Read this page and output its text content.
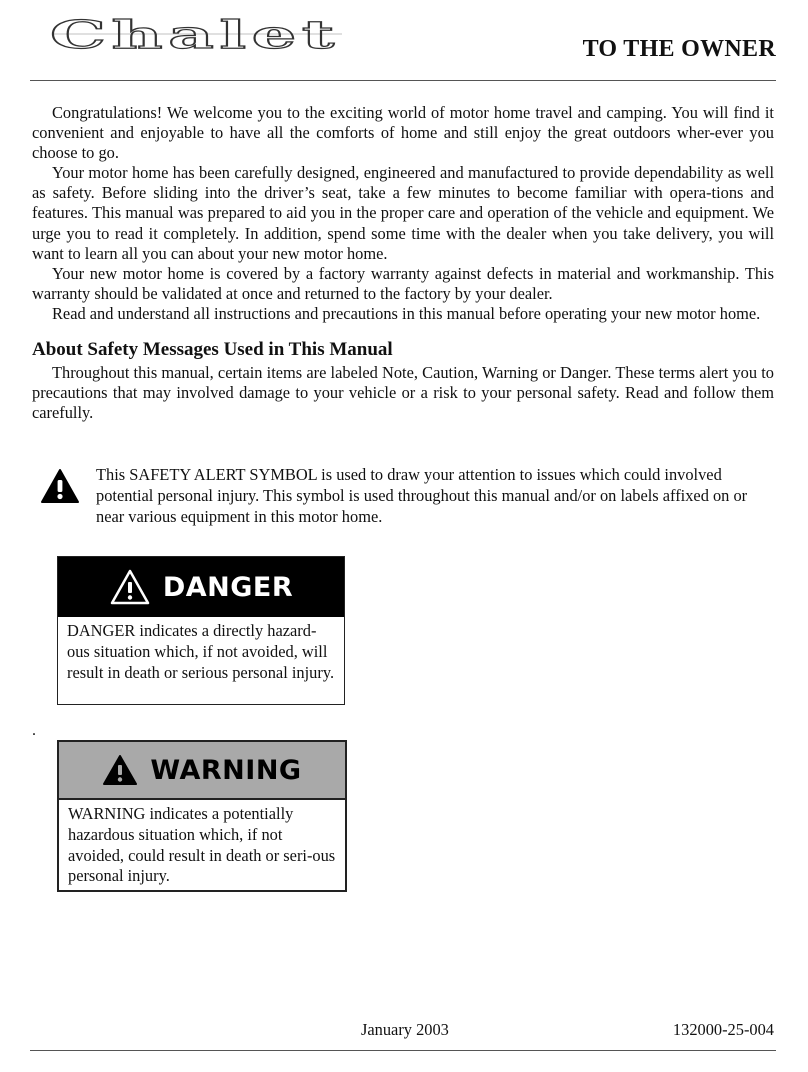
Chalet	TO THE OWNER

Congratulations! We welcome you to the exciting world of motor home travel and camping. You will find it convenient and enjoyable to have all the comforts of home and still enjoy the great outdoors wher-ever you choose to go.

Your motor home has been carefully designed, engineered and manufactured to provide dependability as well as safety. Before sliding into the driver’s seat, take a few minutes to become familiar with opera-tions and features. This manual was prepared to aid you in the proper care and operation of the vehicle and equipment. We urge you to read it completely. In addition, spend some time with the dealer when you take delivery, you will want to learn all you can about your new motor home.

Your new motor home is covered by a factory warranty against defects in material and workmanship. This warranty should be validated at once and returned to the factory by your dealer.

Read and understand all instructions and precautions in this manual before operating your new motor home.

About Safety Messages Used in This Manual

Throughout this manual, certain items are labeled Note, Caution, Warning or Danger. These terms alert you to precautions that may involved damage to your vehicle or a risk to your personal safety. Read and follow them carefully.

This SAFETY ALERT SYMBOL is used to draw your attention to issues which could involved potential personal injury. This symbol is used throughout this manual and/or on labels affixed on or near various equipment in this motor home.
DANGER
DANGER indicates a directly hazard-ous situation which, if not avoided, will result in death or serious personal injury.
.
WARNING
WARNING indicates a potentially hazardous situation which, if not avoided, could result in death or seri-ous personal injury.
January 2003	132000-25-004
